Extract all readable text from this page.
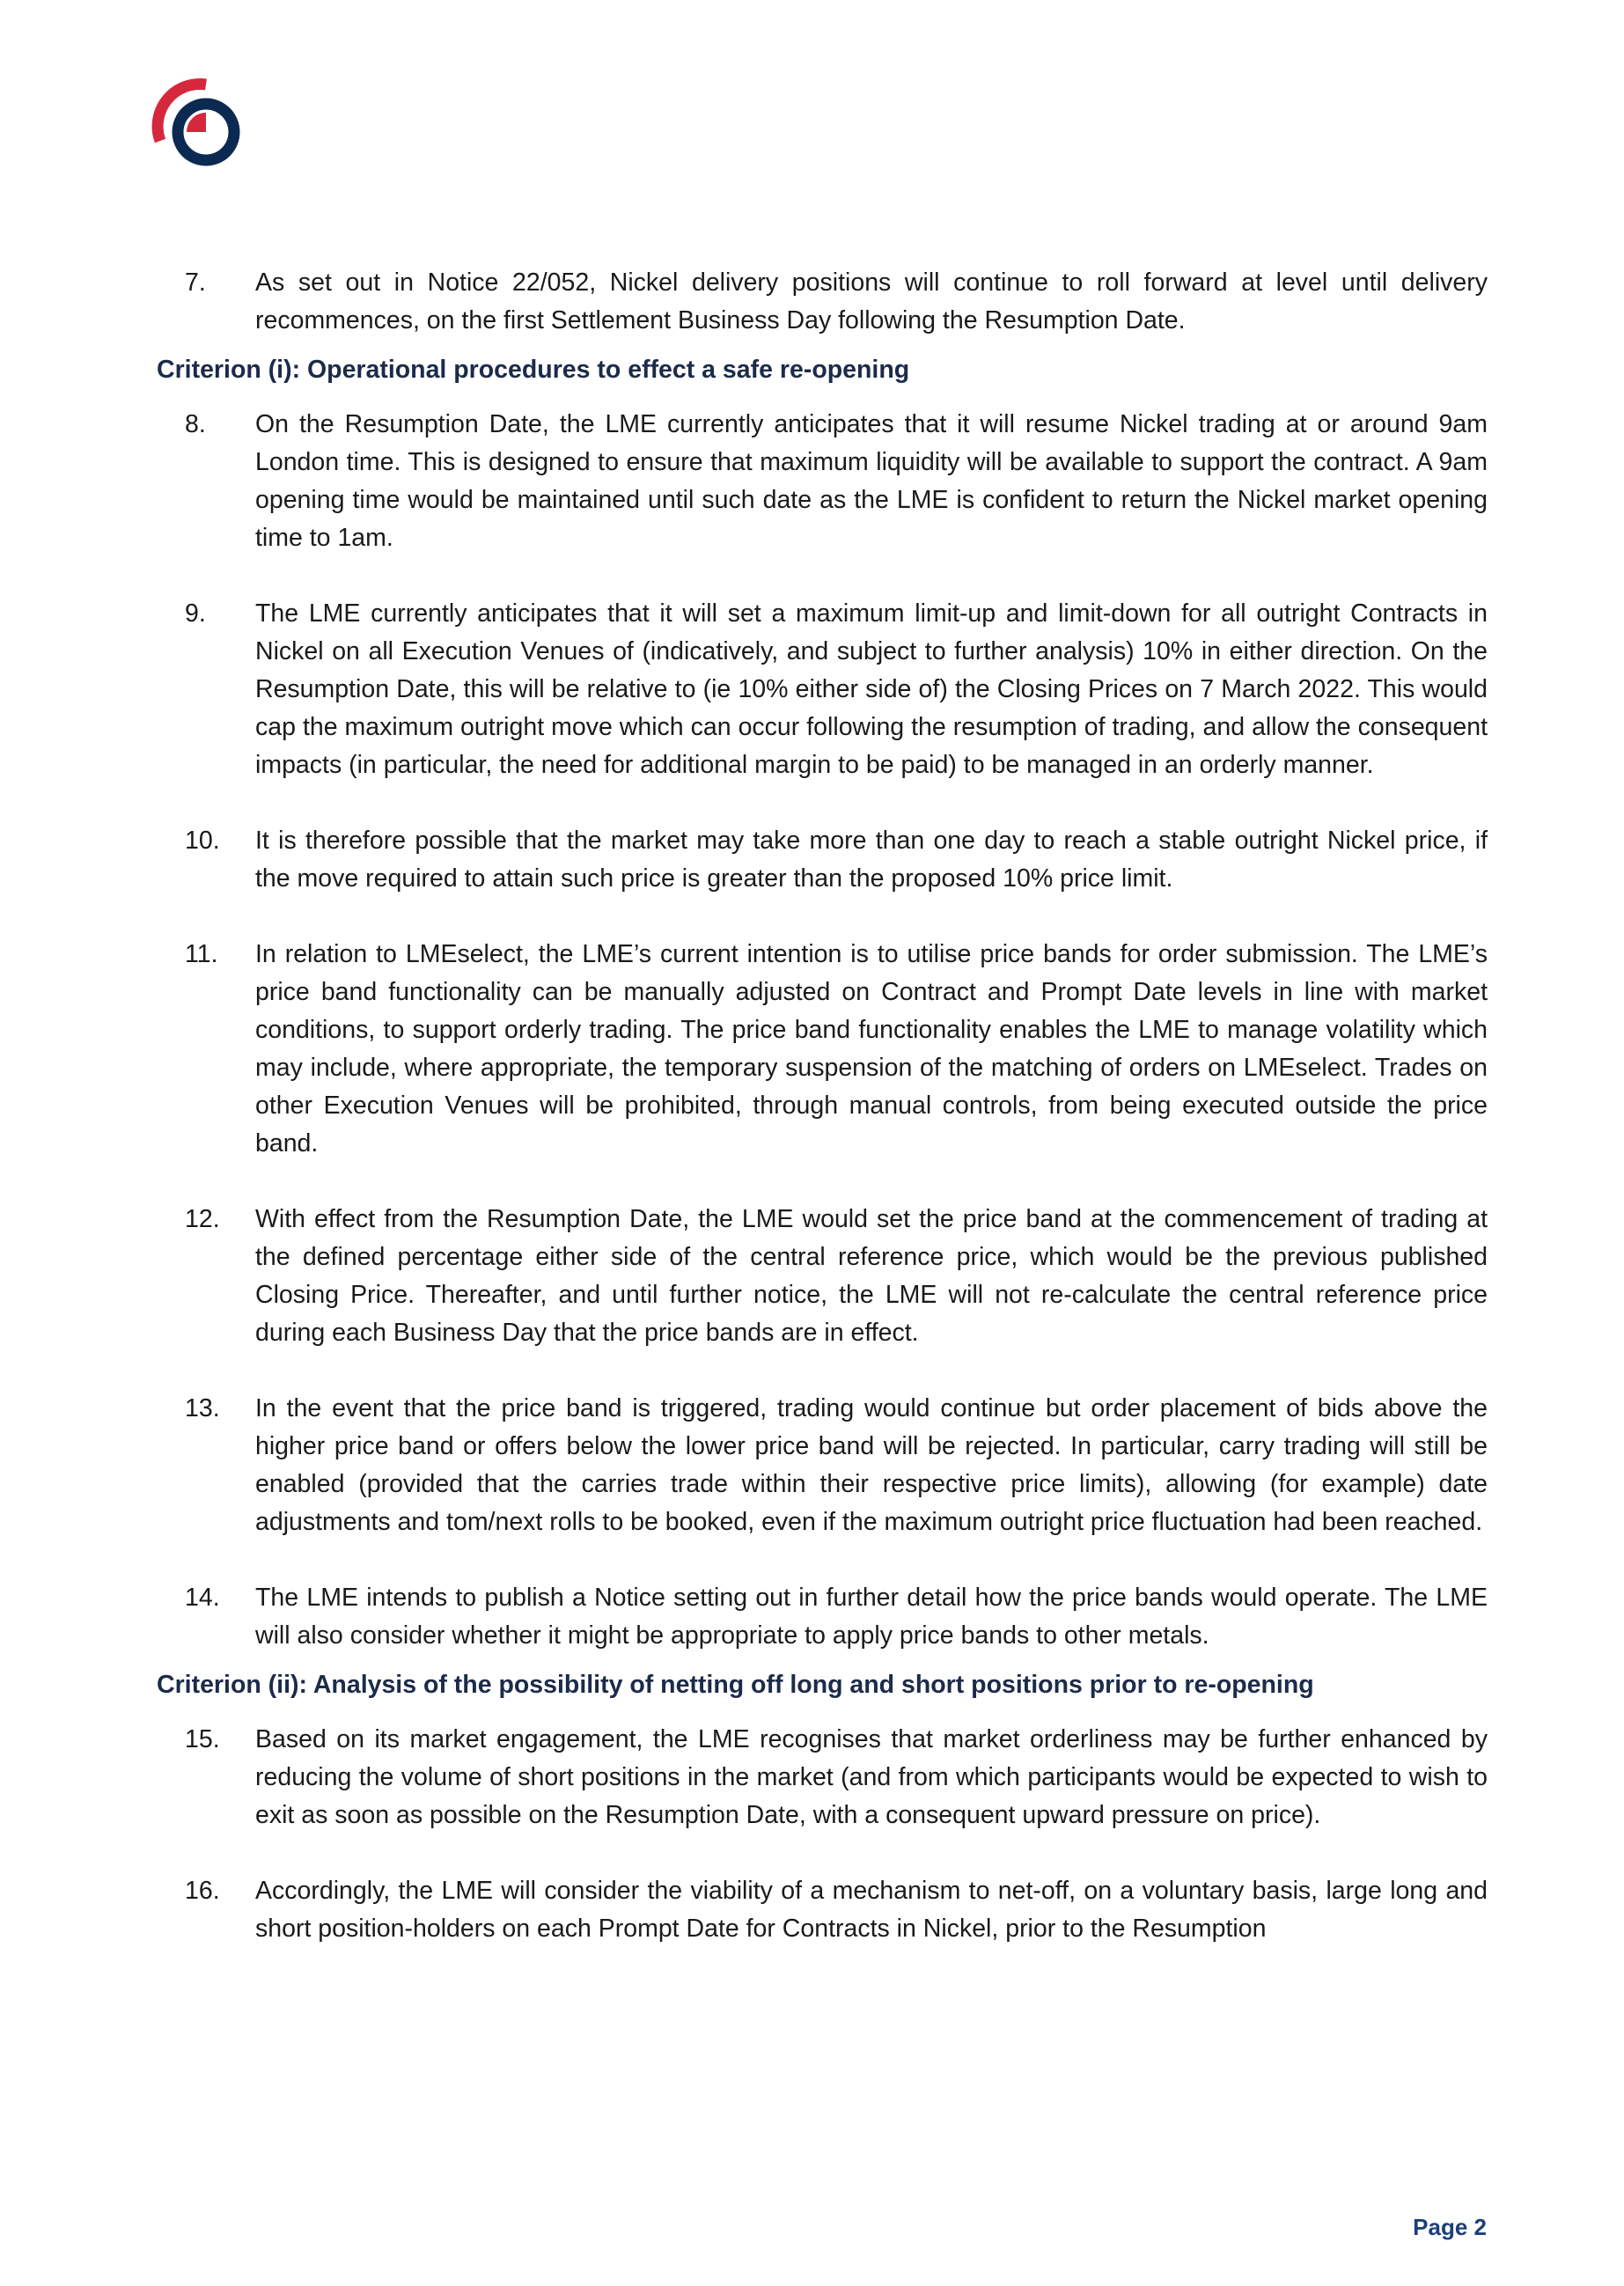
7.	As set out in Notice 22/052, Nickel delivery positions will continue to roll forward at level until delivery recommences, on the first Settlement Business Day following the Resumption Date.
Criterion (i): Operational procedures to effect a safe re-opening
8.	On the Resumption Date, the LME currently anticipates that it will resume Nickel trading at or around 9am London time. This is designed to ensure that maximum liquidity will be available to support the contract. A 9am opening time would be maintained until such date as the LME is confident to return the Nickel market opening time to 1am.
9.	The LME currently anticipates that it will set a maximum limit-up and limit-down for all outright Contracts in Nickel on all Execution Venues of (indicatively, and subject to further analysis) 10% in either direction. On the Resumption Date, this will be relative to (ie 10% either side of) the Closing Prices on 7 March 2022. This would cap the maximum outright move which can occur following the resumption of trading, and allow the consequent impacts (in particular, the need for additional margin to be paid) to be managed in an orderly manner.
10.	It is therefore possible that the market may take more than one day to reach a stable outright Nickel price, if the move required to attain such price is greater than the proposed 10% price limit.
11.	In relation to LMEselect, the LME’s current intention is to utilise price bands for order submission. The LME’s price band functionality can be manually adjusted on Contract and Prompt Date levels in line with market conditions, to support orderly trading. The price band functionality enables the LME to manage volatility which may include, where appropriate, the temporary suspension of the matching of orders on LMEselect. Trades on other Execution Venues will be prohibited, through manual controls, from being executed outside the price band.
12.	With effect from the Resumption Date, the LME would set the price band at the commencement of trading at the defined percentage either side of the central reference price, which would be the previous published Closing Price. Thereafter, and until further notice, the LME will not re-calculate the central reference price during each Business Day that the price bands are in effect.
13.	In the event that the price band is triggered, trading would continue but order placement of bids above the higher price band or offers below the lower price band will be rejected. In particular, carry trading will still be enabled (provided that the carries trade within their respective price limits), allowing (for example) date adjustments and tom/next rolls to be booked, even if the maximum outright price fluctuation had been reached.
14.	The LME intends to publish a Notice setting out in further detail how the price bands would operate. The LME will also consider whether it might be appropriate to apply price bands to other metals.
Criterion (ii): Analysis of the possibility of netting off long and short positions prior to re-opening
15.	Based on its market engagement, the LME recognises that market orderliness may be further enhanced by reducing the volume of short positions in the market (and from which participants would be expected to wish to exit as soon as possible on the Resumption Date, with a consequent upward pressure on price).
16.	Accordingly, the LME will consider the viability of a mechanism to net-off, on a voluntary basis, large long and short position-holders on each Prompt Date for Contracts in Nickel, prior to the Resumption
Page 2
